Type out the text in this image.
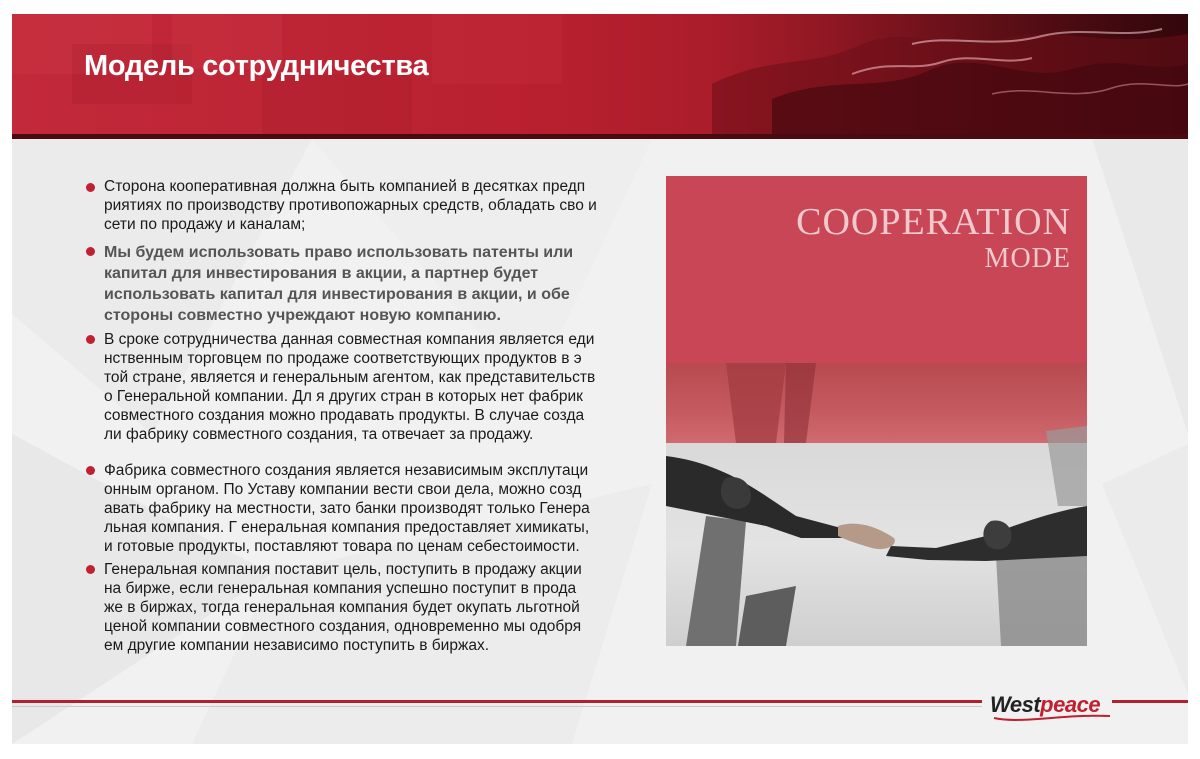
Модель сотрудничества
Сторона кооперативная должна быть компанией в десятках предп
риятиях по производству противопожарных средств, обладать сво и
сети по продажу и каналам;
Мы будем использовать право использовать патенты или
капитал для инвестирования в акции, а партнер будет
использовать капитал для инвестирования в акции, и обе
стороны совместно учреждают новую компанию.
В сроке сотрудничества данная совместная компания является еди
нственным торговцем по продаже соответствующих продуктов в э
той стране, является и генеральным агентом, как представительств
о Генеральной компании. Дл я других стран в которых нет фабрик
совместного создания можно продавать продукты. В случае созда
ли фабрику совместного создания, та отвечает за продажу.
Фабрика совместного создания является независимым эксплутаци
онным органом. По Уставу компании вести свои дела, можно созд
авать фабрику на местности, зато банки производят только Генера
льная компания. Г енеральная компания предоставляет химикаты,
и готовые продукты, поставляют товара по ценам себестоимости.
Генеральная компания поставит цель, поступить в продажу акции
на бирже, если генеральная компания успешно поступит в прода
же в биржах, тогда генеральная компания будет окупать льготной
ценой компании совместного создания, одновременно мы одобря
ем другие компании независимо поступить в биржах.
COOPERATION
MODE
Westpeace
